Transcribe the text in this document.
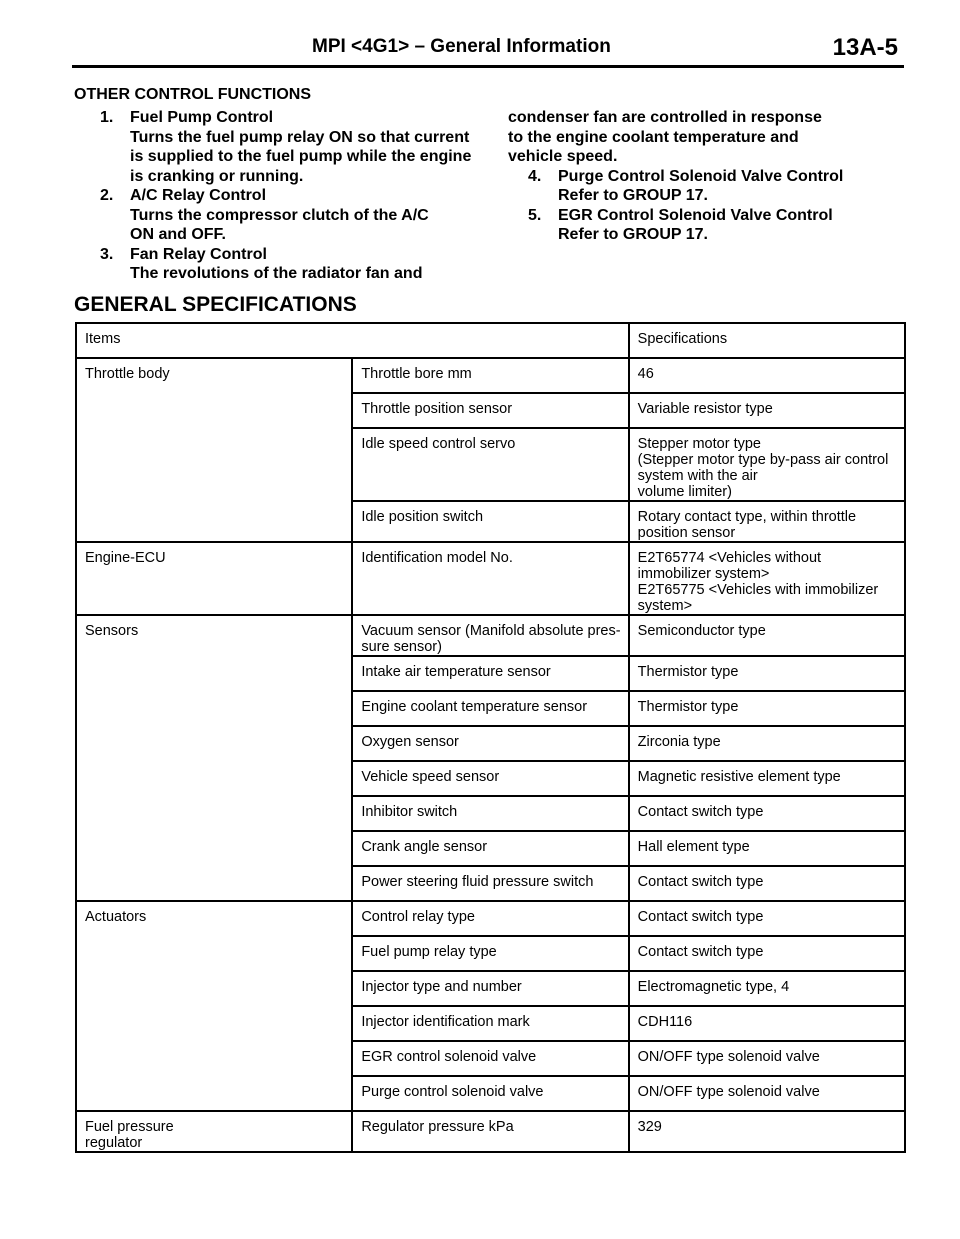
MPI <4G1> – General Information	13A-5
OTHER CONTROL FUNCTIONS
1. Fuel Pump Control
Turns the fuel pump relay ON so that current
is supplied to the fuel pump while the engine
is cranking or running.
2. A/C Relay Control
Turns the compressor clutch of the A/C
ON and OFF.
3. Fan Relay Control
The revolutions of the radiator fan and
condenser fan are controlled in response
to the engine coolant temperature and
vehicle speed.
4. Purge Control Solenoid Valve Control
Refer to GROUP 17.
5. EGR Control Solenoid Valve Control
Refer to GROUP 17.
GENERAL SPECIFICATIONS
Items		Specifications
Throttle body	Throttle bore mm	46
	Throttle position sensor	Variable resistor type
	Idle speed control servo	Stepper motor type
(Stepper motor type by-pass air control system with the air
volume limiter)
	Idle position switch	Rotary contact type, within throttle position sensor
Engine-ECU	Identification model No.	E2T65774 <Vehicles without immobilizer system>
E2T65775 <Vehicles with immobilizer system>
Sensors	Vacuum sensor (Manifold absolute pres-
sure sensor)	Semiconductor type
	Intake air temperature sensor	Thermistor type
	Engine coolant temperature sensor	Thermistor type
	Oxygen sensor	Zirconia type
	Vehicle speed sensor	Magnetic resistive element type
	Inhibitor switch	Contact switch type
	Crank angle sensor	Hall element type
	Power steering fluid pressure switch	Contact switch type
Actuators	Control relay type	Contact switch type
	Fuel pump relay type	Contact switch type
	Injector type and number	Electromagnetic type, 4
	Injector identification mark	CDH116
	EGR control solenoid valve	ON/OFF type solenoid valve
	Purge control solenoid valve	ON/OFF type solenoid valve
Fuel pressure
regulator	Regulator pressure kPa	329
